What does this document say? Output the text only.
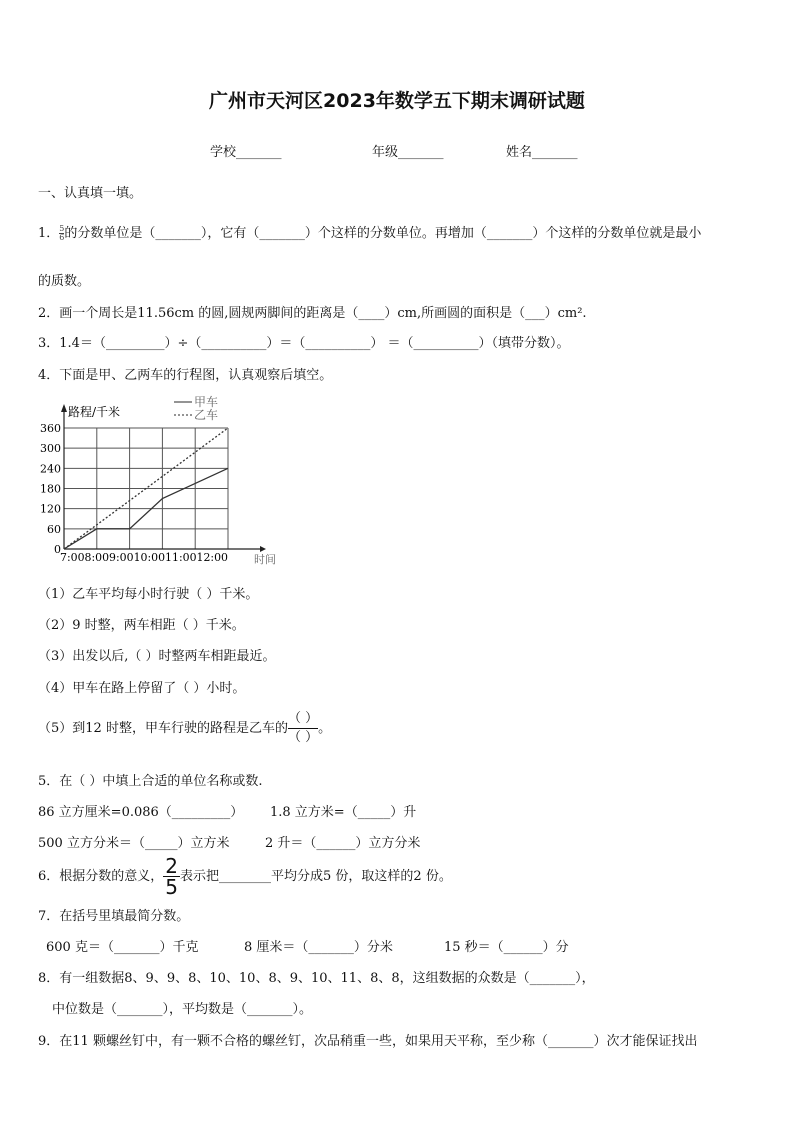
广州市天河区2023年数学五下期末调研试题
学校_______	年级_______	姓名_______
一、认真填一填。
1． $\frac{5}{6}$ 的分数单位是（_______），它有（_______）个这样的分数单位。再增加（_______）个这样的分数单位就是最小
的质数。
2．画一个周长是11.56cm 的圆,圆规两脚间的距离是（____）cm,所画圆的面积是（___）cm².
3．1.4＝（_________）÷（__________）＝（__________） ＝（__________）（填带分数）。
4．下面是甲、乙两车的行程图，认真观察后填空。
0
60
120
180
240
300
360
7:008:009:0010:0011:0012:00
路程/千米
时间
甲车
乙车
（1）乙车平均每小时行驶（ ）千米。
（2）9 时整，两车相距（ ）千米。
（3）出发以后,（ ）时整两车相距最近。
（4）甲车在路上停留了（ ）小时。
（5）到12 时整，甲车行驶的路程是乙车的
（ ）
（ ）
。
5．在（ ）中填上合适的单位名称或数.
86 立方厘米=0.086（_________） 1.8 立方米=（_____）升
500 立方分米＝（_____）立方米	2 升＝（______）立方分米
6．根据分数的意义， $\frac{2}{5}$ 表示把________平均分成5 份，取这样的2 份。
7．在括号里填最简分数。
600 克＝（_______）千克	8 厘米＝（_______）分米	15 秒＝（______）分
8．有一组数据8、9、9、8、10、10、8、9、10、11、8、8，这组数据的众数是（_______），
中位数是（_______），平均数是（_______）。
9．在11 颗螺丝钉中，有一颗不合格的螺丝钉，次品稍重一些，如果用天平称，至少称（_______）次才能保证找出
